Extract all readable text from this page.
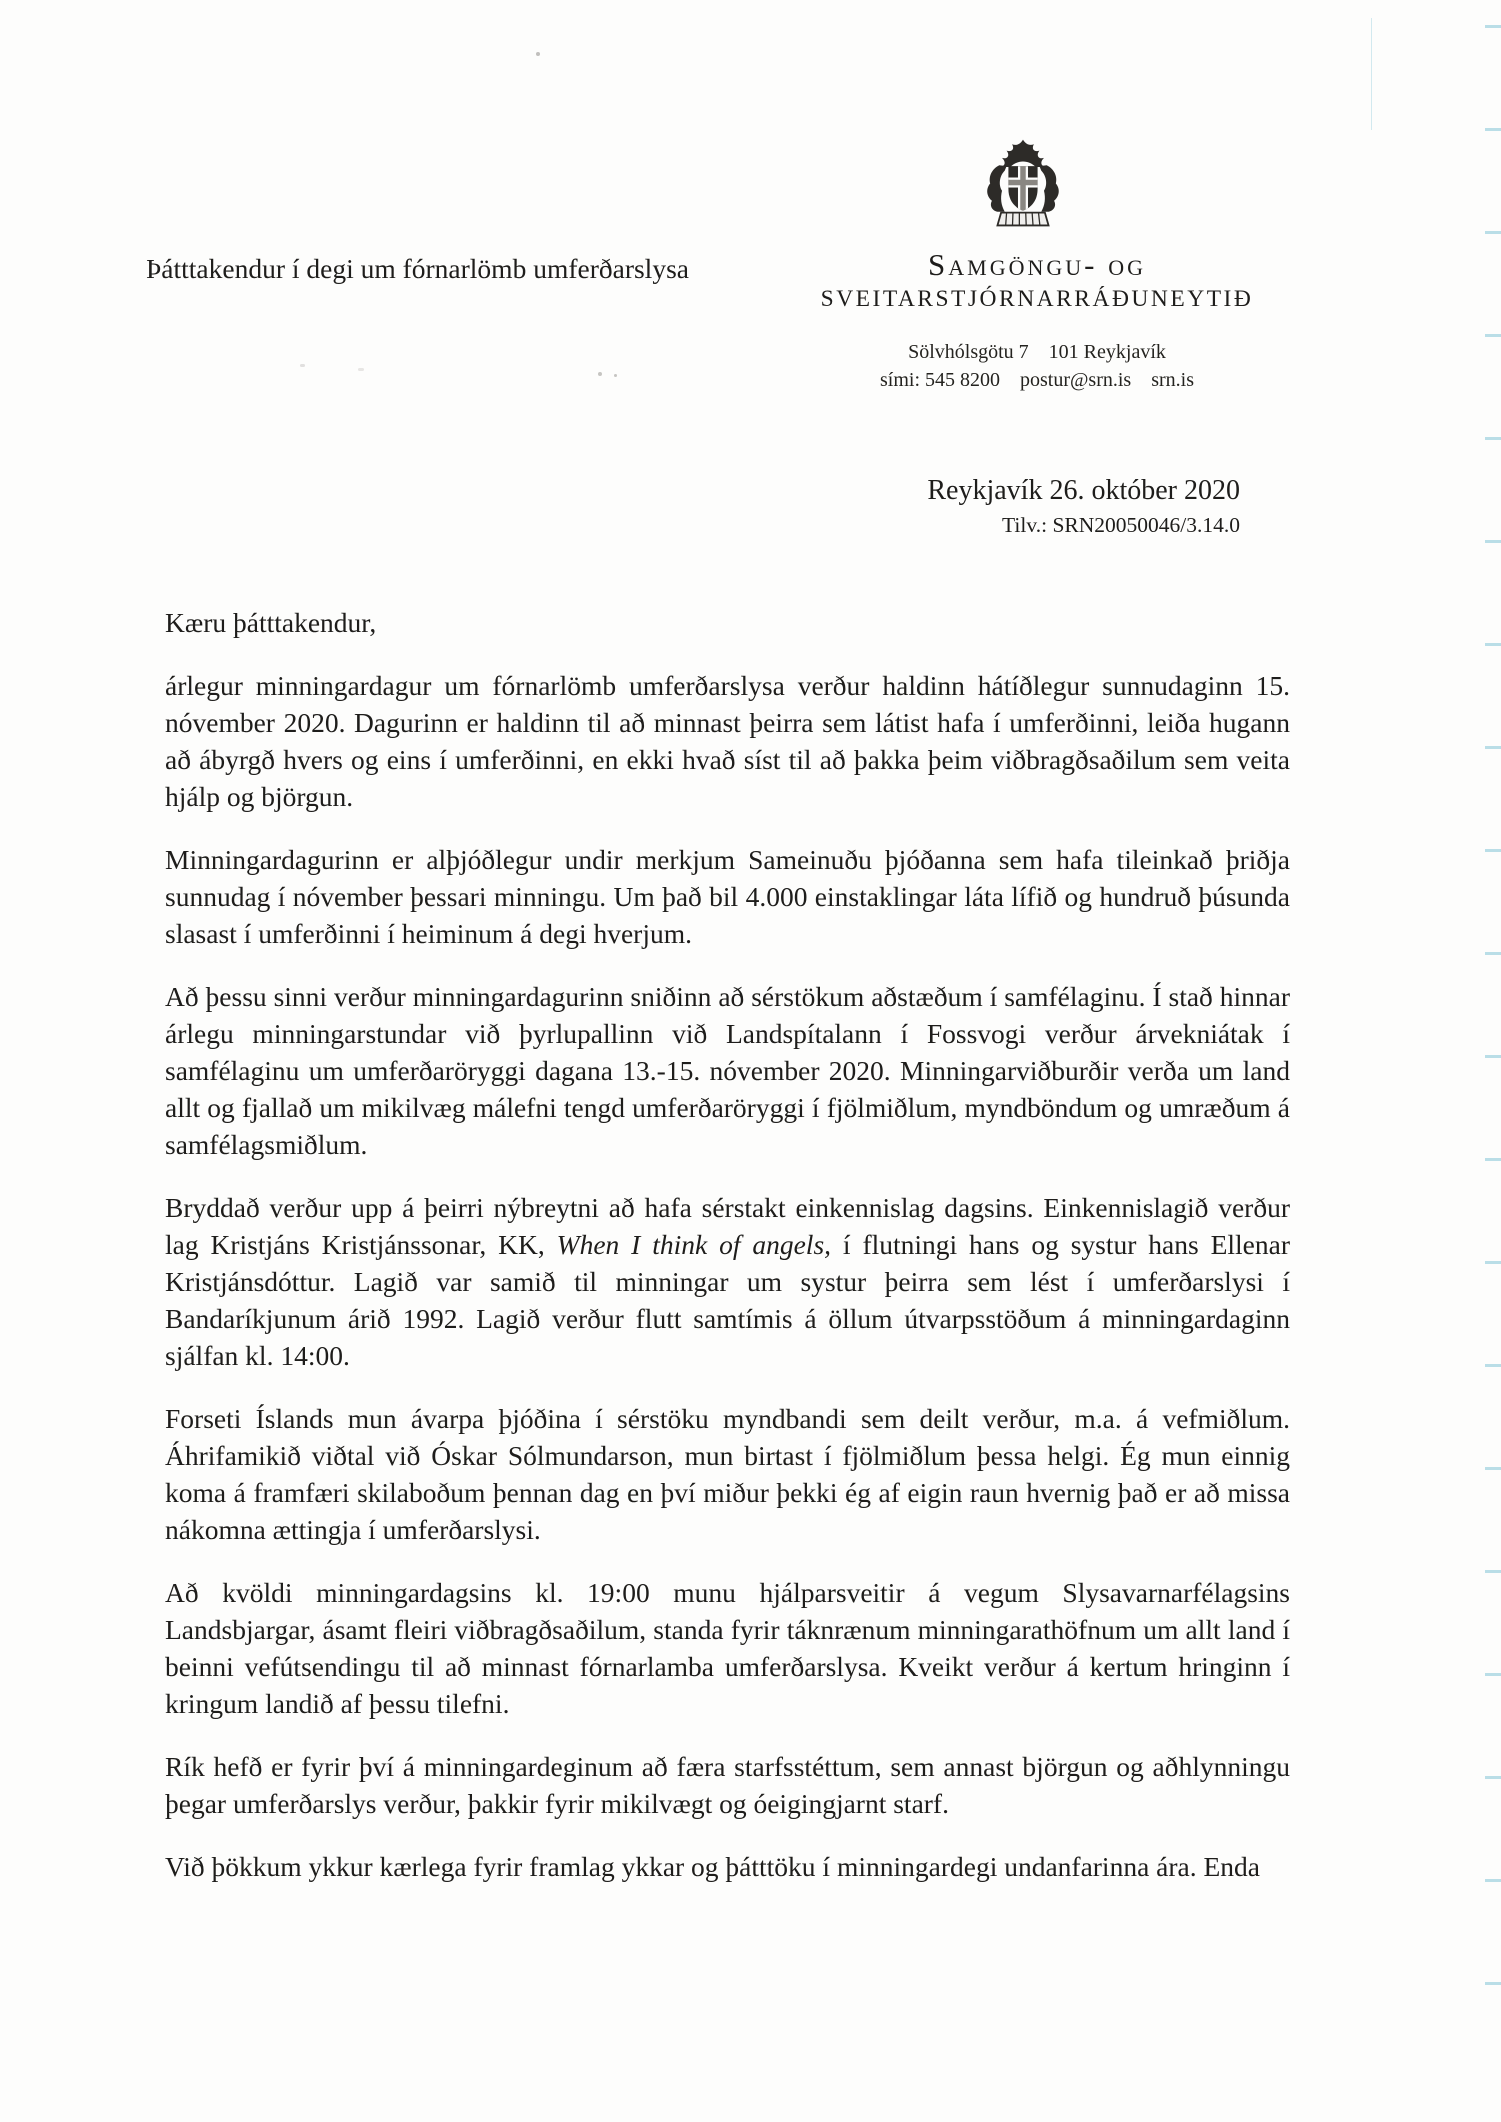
Þátttakendur í degi um fórnarlömb umferðarslysa	Samgöngu- og
SVEITARSTJÓRNARRÁÐUNEYTIÐ
Sölvhólsgötu 7 101 Reykjavík
sími: 545 8200 postur@srn.is srn.is
Reykjavík 26. október 2020
Tilv.: SRN20050046/3.14.0

Kæru þátttakendur,

árlegur minningardagur um fórnarlömb umferðarslysa verður haldinn hátíðlegur sunnudaginn 15. nóvember 2020. Dagurinn er haldinn til að minnast þeirra sem látist hafa í umferðinni, leiða hugann að ábyrgð hvers og eins í umferðinni, en ekki hvað síst til að þakka þeim viðbragðsaðilum sem veita hjálp og björgun.

Minningardagurinn er alþjóðlegur undir merkjum Sameinuðu þjóðanna sem hafa tileinkað þriðja sunnudag í nóvember þessari minningu. Um það bil 4.000 einstaklingar láta lífið og hundruð þúsunda slasast í umferðinni í heiminum á degi hverjum.

Að þessu sinni verður minningardagurinn sniðinn að sérstökum aðstæðum í samfélaginu. Í stað hinnar árlegu minningarstundar við þyrlupallinn við Landspítalann í Fossvogi verður árvekniátak í samfélaginu um umferðaröryggi dagana 13.-15. nóvember 2020. Minningarviðburðir verða um land allt og fjallað um mikilvæg málefni tengd umferðaröryggi í fjölmiðlum, myndböndum og umræðum á samfélagsmiðlum.

Bryddað verður upp á þeirri nýbreytni að hafa sérstakt einkennislag dagsins. Einkennislagið verður lag Kristjáns Kristjánssonar, KK, When I think of angels, í flutningi hans og systur hans Ellenar Kristjánsdóttur. Lagið var samið til minningar um systur þeirra sem lést í umferðarslysi í Bandaríkjunum árið 1992. Lagið verður flutt samtímis á öllum útvarpsstöðum á minningardaginn sjálfan kl. 14:00.

Forseti Íslands mun ávarpa þjóðina í sérstöku myndbandi sem deilt verður, m.a. á vefmiðlum. Áhrifamikið viðtal við Óskar Sólmundarson, mun birtast í fjölmiðlum þessa helgi. Ég mun einnig koma á framfæri skilaboðum þennan dag en því miður þekki ég af eigin raun hvernig það er að missa nákomna ættingja í umferðarslysi.

Að kvöldi minningardagsins kl. 19:00 munu hjálparsveitir á vegum Slysavarnarfélagsins Landsbjargar, ásamt fleiri viðbragðsaðilum, standa fyrir táknrænum minningarathöfnum um allt land í beinni vefútsendingu til að minnast fórnarlamba umferðarslysa. Kveikt verður á kertum hringinn í kringum landið af þessu tilefni.

Rík hefð er fyrir því á minningardeginum að færa starfsstéttum, sem annast björgun og aðhlynningu þegar umferðarslys verður, þakkir fyrir mikilvægt og óeigingjarnt starf.

Við þökkum ykkur kærlega fyrir framlag ykkar og þátttöku í minningardegi undanfarinna ára. Enda
